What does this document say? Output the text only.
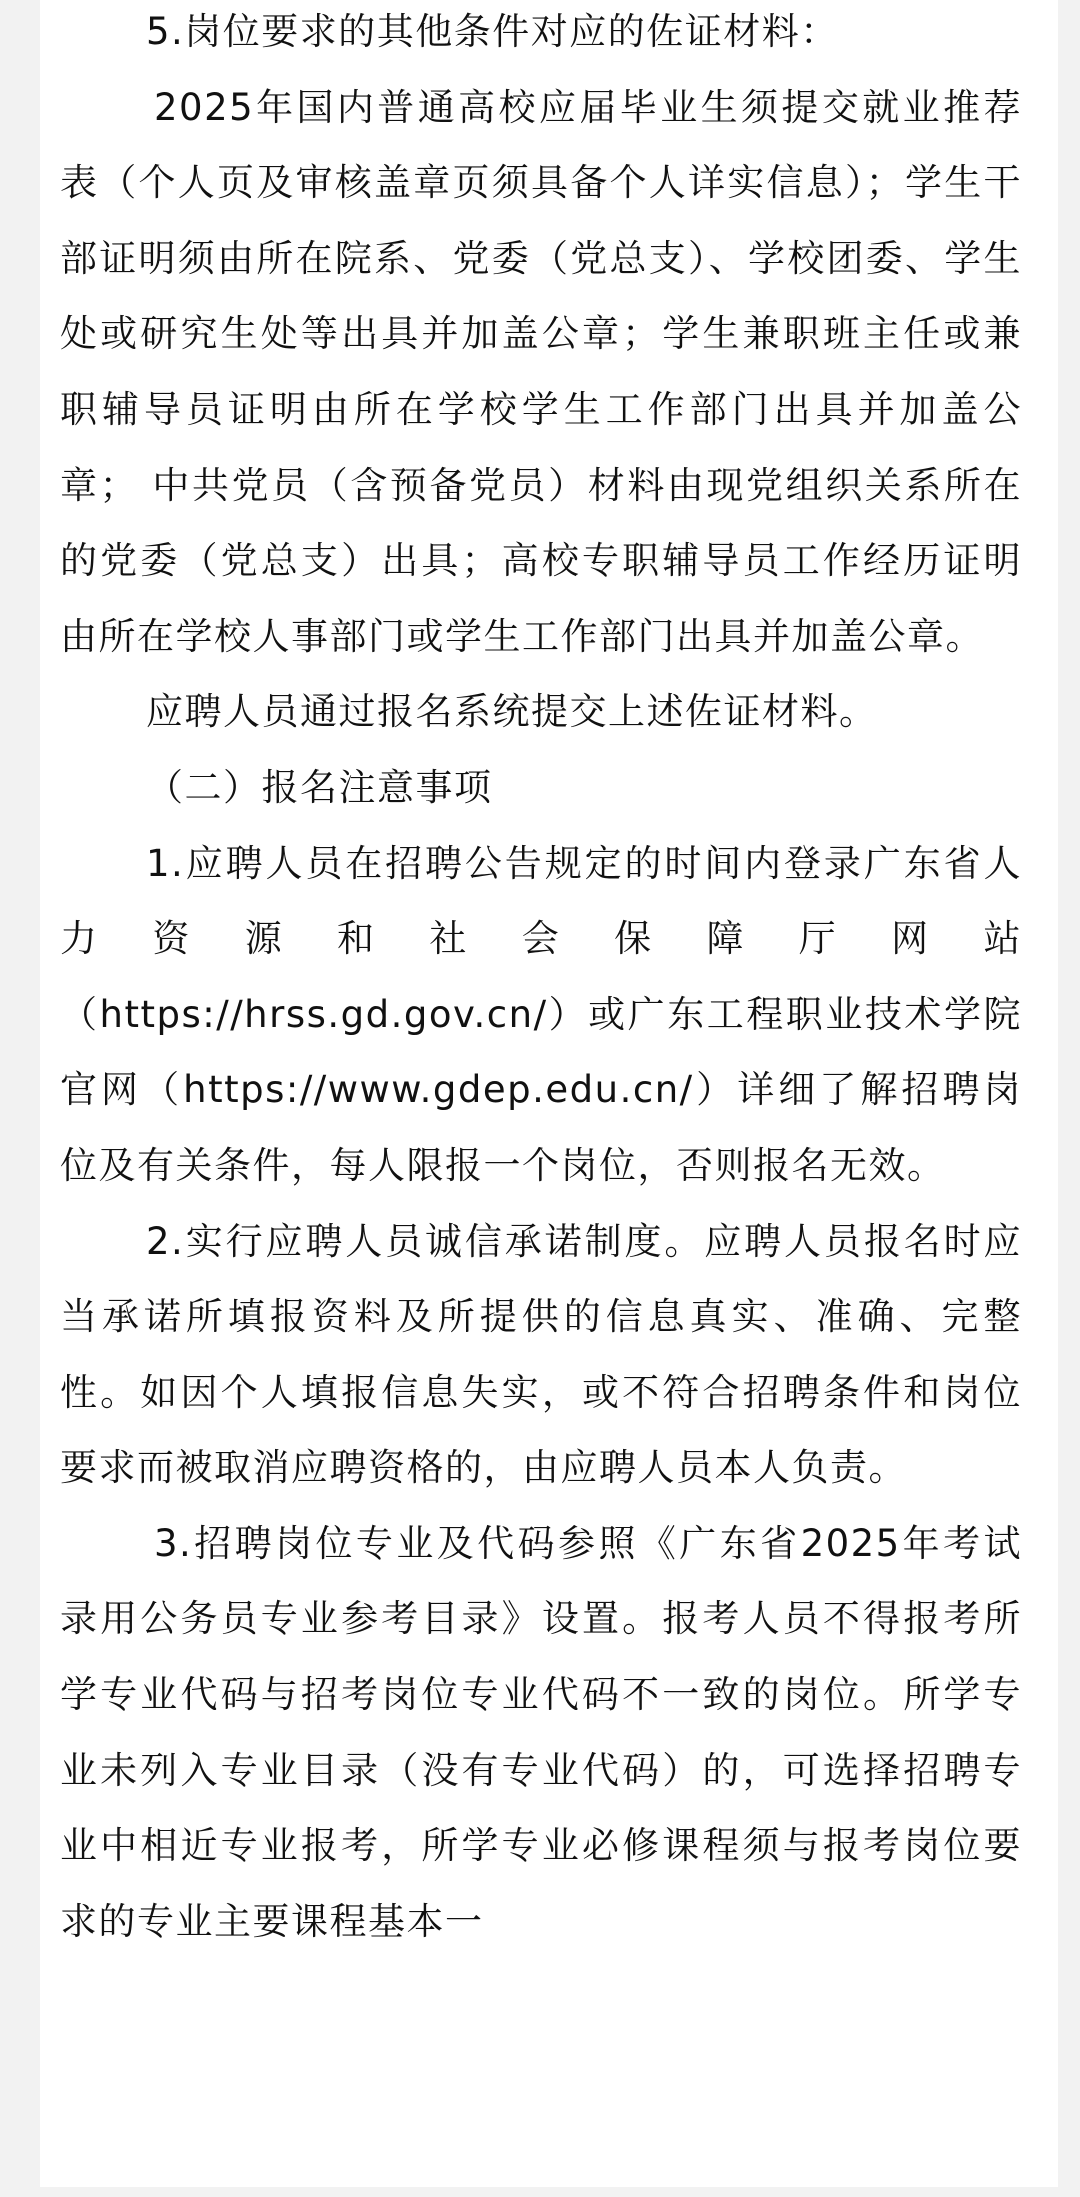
5.岗位要求的其他条件对应的佐证材料：

2025年国内普通高校应届毕业生须提交就业推荐表（个人页及审核盖章页须具备个人详实信息）；学生干部证明须由所在院系、党委（党总支）、学校团委、学生处或研究生处等出具并加盖公章；学生兼职班主任或兼职辅导员证明由所在学校学生工作部门出具并加盖公章； 中共党员（含预备党员）材料由现党组织关系所在的党委（党总支）出具；高校专职辅导员工作经历证明由所在学校人事部门或学生工作部门出具并加盖公章。

应聘人员通过报名系统提交上述佐证材料。

（二）报名注意事项

1.应聘人员在招聘公告规定的时间内登录广东省人力资源和社会保障厅网站

（https://hrss.gd.gov.cn/）或广东工程职业技术学院官网（https://www.gdep.edu.cn/）详细了解招聘岗位及有关条件，每人限报一个岗位，否则报名无效。

2.实行应聘人员诚信承诺制度。应聘人员报名时应当承诺所填报资料及所提供的信息真实、准确、完整性。如因个人填报信息失实，或不符合招聘条件和岗位要求而被取消应聘资格的，由应聘人员本人负责。

3.招聘岗位专业及代码参照《广东省2025年考试录用公务员专业参考目录》设置。报考人员不得报考所学专业代码与招考岗位专业代码不一致的岗位。所学专业未列入专业目录（没有专业代码）的，可选择招聘专业中相近专业报考，所学专业必修课程须与报考岗位要求的专业主要课程基本一
